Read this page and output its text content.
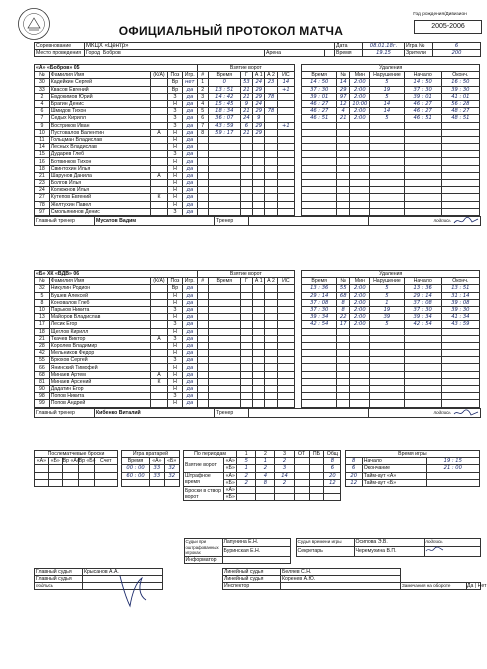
ОФИЦИАЛЬНЫЙ ПРОТОКОЛ МАТЧА
Год рождения/Дивизион
2005-2006
Соревнование	МКЦХ «Центр»			Дата	08.01.18г.	Игра №	6
Место проведения	Город Бобров	Арена		Время	19.15	Зрители	200
«А» «Бобров» 05					Взятие ворот							Удаления					
№	Фамилия Имя	(К/А)	Поз	Игр.	#	Время	Г	А 1	А 2	ИС		Время	№	Мин	Нарушение	Начало	Оконч.
30	Кадейкин Сергей		Вр	нет	1	0	53	24	23	14		14 : 50	14	2:00	5	14 : 50	16 : 50
33	Квасов Евгений		Вр	да	2	13 : 51	21	29		+1		37 : 30	29	2:00	19	37 : 30	39 : 30
2	Евдокимов Юрий		З	да	3	14 : 42	21	29	78			39 : 01	97	2:00	5	39 : 01	41 : 01
4	Брагин Денис		Н	да	4	15 : 45	9	24				46 : 27	12	10:00	14	46 : 27	56 : 28
6	Шмидов Тихон		З	да	5	18 : 34	21	29	78			46 : 27	4	2:00	14	46 : 27	48 : 27
7	Седых Кирилл		З	да	6	36 : 07	24	9				46 : 51	21	2:00	5	46 : 51	48 : 51
9	Востриков Иван		З	да	7	43 : 59	6	29		+1							
10	Пустовалов Валентин	А	Н	да	8	59 : 17	21	29									
11	Гольцман Владислав		Н	да													
14	Лесных Владислав		Н	да													
15	Дударев Глеб		З	да													
16	Ботвинков Тихон		Н	да													
18	Свинтохин Илья		Н	да													
21	Шарунов Данила	А	Н	да													
23	Болгов Илья		Н	да													
24	Колюжнов Илья		Н	да													
27	Кутепов Евгений	К	Н	да													
78	Желтухин Павел		Н	да													
97	Смольянинов Денис		З	да													
Главный тренер	Мусатов Вадим	Тренер		подпись
«Б» ХК «ВДВ» 06					Взятие ворот							Удаления					
№	Фамилия Имя	(К/А)	Поз	Игр.	#	Время	Г	А 1	А 2	ИС		Время	№	Мин	Нарушение	Начало	Оконч.
32	Никулин Родион		Вр	да								13 : 36	55	2:00	5	13 : 36	13 : 51
5	Бушев Алексей		Н	да								29 : 14	68	2:00	5	29 : 14	31 : 14
8	Коновалов Глеб		Н	да								37 : 08	8	2:00	1	37 : 08	39 : 08
10	Парьков Никита		З	да								37 : 30	8	2:00	19	37 : 30	39 : 30
13	Майоров Владислав		Н	да								39 : 34	22	2:00	39	39 : 34	41 : 34
17	Лесик Егор		З	да								42 : 54	17	2:00	5	42 : 54	43 : 59
18	Щеглов Кирилл		Н	да													
21	Ткачев Виктор	А	З	да													
28	Королев Владимир		Н	да													
42	Мельников Федор		Н	да													
55	Брюхов Сергей		З	да													
66	Янинский Тимофей		Н	да													
68	Минаев Артем	А	Н	да													
81	Минаев Арсений	К	Н	да													
90	Дадатин Егор		Н	да													
98	Попов Никита		З	да													
99	Попов Андрей		Н	да													
Главный тренер	Кибенко Виталий	Тренер		подпись
Послематчевые броски						Игра вратарей				По периодам		1	2	3	ОТ	ПБ	Общ		Время игры		
«А»	«Б»	Вр «А»	Вр «Б»	Счет		Время	«А»	«Б»		Взятие ворот	«А»	5	1	2			8		8	Начало	19 : 15
						00 : 00	33	32			«Б»	1	2	3			6		6	Окончание	21 : 00
						60 : 00	33	32		Штрафное время	«А»	2	4	14			20		20	Тайм-аут «А»	
											«Б»	2	8	2			12		12	Тайм-аут «Б»	
										Броски в створ ворот	«А»										
											«Б»										
	Судьи при оштрафованных игроках	Лапунина Е.Н.		Судья времени игры	Осипова Э.В.	подпись
		Буринская Е.Н.		Секретарь	Черемухина В.П.	
	Информатор					
Главный судья	Крысанов А.А.		Линейный судья	Беляев С.Н.		
Главный судья			Линейный судья	Коренев А.Ю.		
подпись			Инспектор		Замечания на обороте	Да | Нет
